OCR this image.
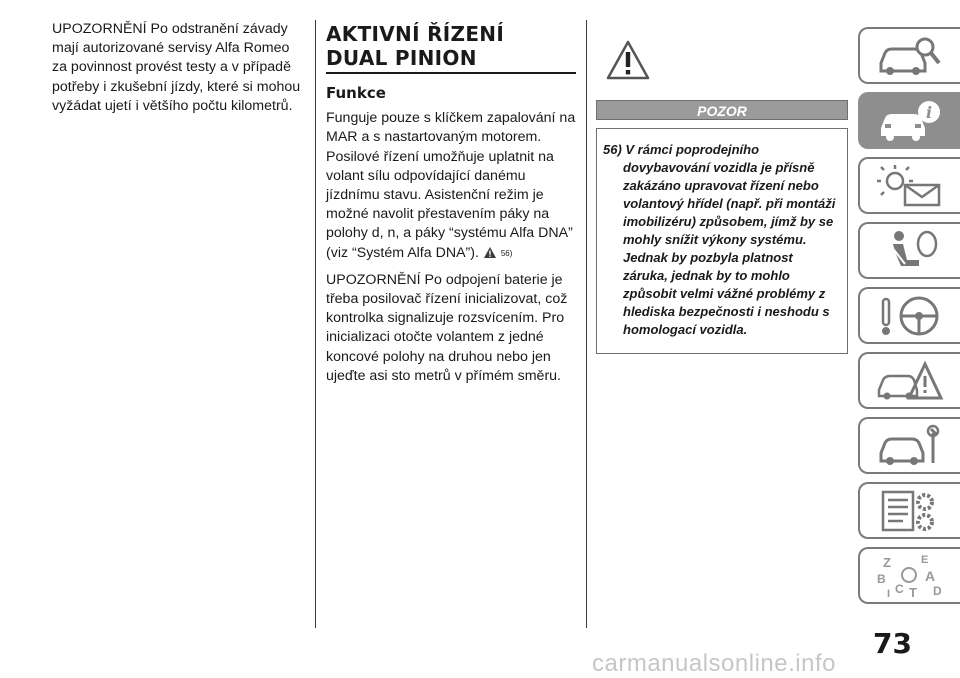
UPOZORNĚNÍ Po odstranění závady mají autorizované servisy Alfa Romeo za povinnost provést testy a v případě potřeby i zkušební jízdy, které si mohou vyžádat ujetí i většího počtu kilometrů.

AKTIVNÍ ŘÍZENÍ
DUAL PINION
Funkce

Funguje pouze s klíčkem zapalování na MAR a s nastartovaným motorem. Posilové řízení umožňuje uplatnit na volant sílu odpovídající danému jízdnímu stavu. Asistenční režim je možné navolit přestavením páky na polohy d, n, a páky “systému Alfa DNA” (viz “Systém Alfa DNA”).	56)

UPOZORNĚNÍ Po odpojení baterie je třeba posilovač řízení inicializovat, což kontrolka signalizuje rozsvícením. Pro inicializaci otočte volantem z jedné koncové polohy na druhou nebo jen ujeďte asi sto metrů v přímém směru.

POZOR

56) V rámci poprodejního dovybavování vozidla je přísně zakázáno upravovat řízení nebo volantový hřídel (např. při montáži imobilizéru) způsobem, jímž by se mohly snížit výkony systému. Jednak by pozbyla platnost záruka, jednak by to mohlo způsobit velmi vážné problémy z hlediska bezpečnosti i neshodu s homologací vozidla.

i
Z	E
B	A
C D
T
I
73
carmanualsonline.info
